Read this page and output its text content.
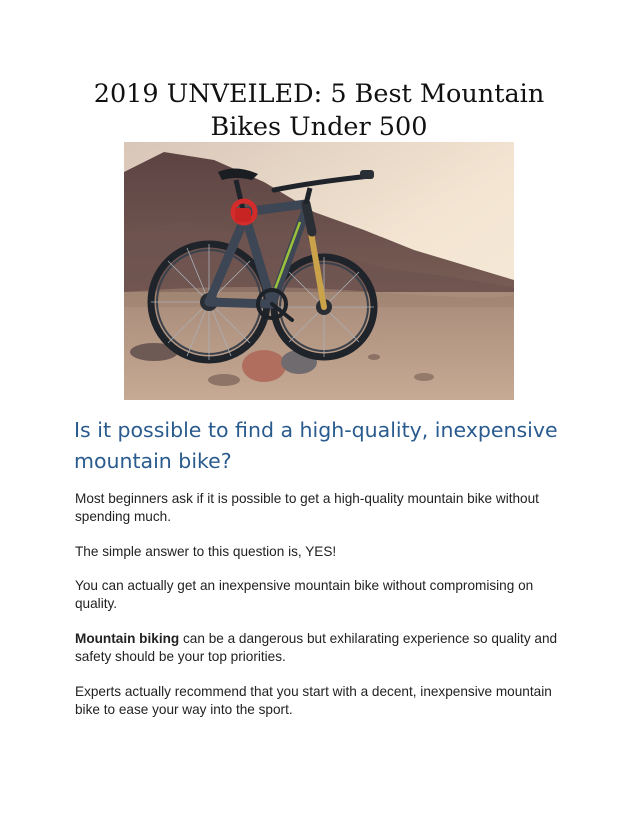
2019 UNVEILED: 5 Best Mountain
Bikes Under 500
Is it possible to find a high-quality, inexpensive
mountain bike?

Most beginners ask if it is possible to get a high-quality mountain bike without spending much.

The simple answer to this question is, YES!

You can actually get an inexpensive mountain bike without compromising on quality.

Mountain biking can be a dangerous but exhilarating experience so quality and safety should be your top priorities.

Experts actually recommend that you start with a decent, inexpensive mountain bike to ease your way into the sport.
